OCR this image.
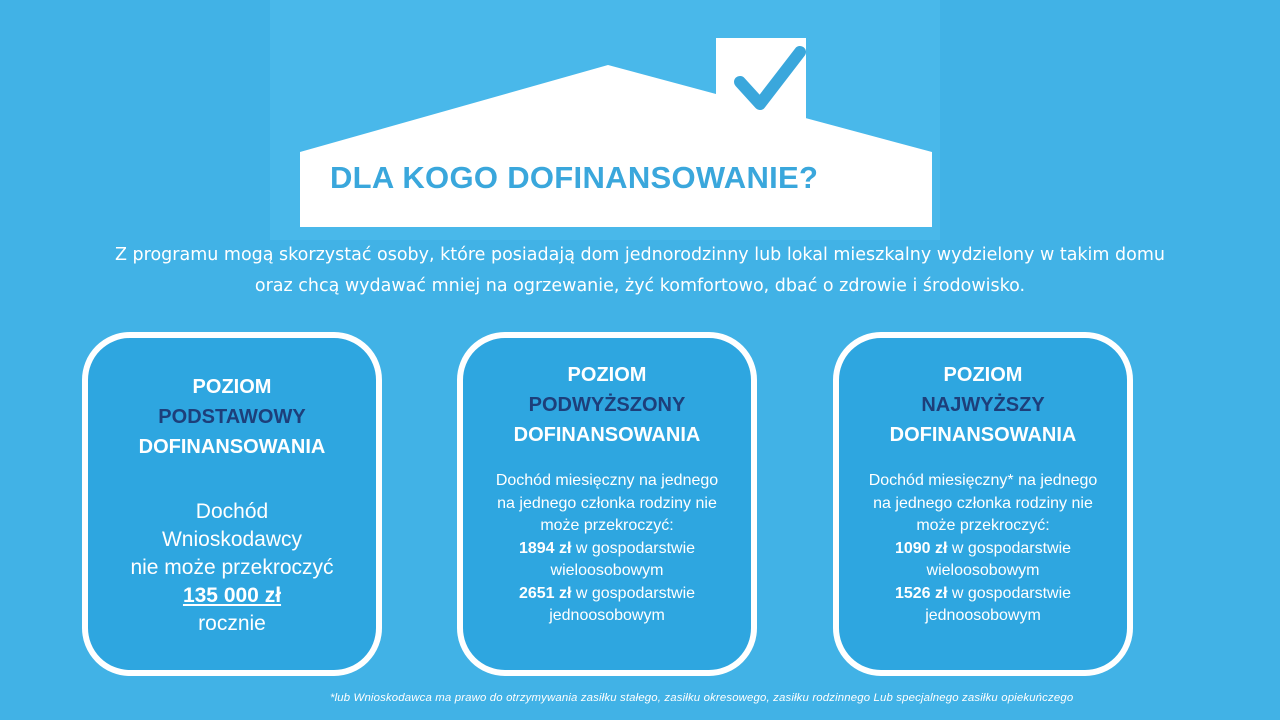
DLA KOGO DOFINANSOWANIE?
Z programu mogą skorzystać osoby, które posiadają dom jednorodzinny lub lokal mieszkalny wydzielony w takim domu
oraz chcą wydawać mniej na ogrzewanie, żyć komfortowo, dbać o zdrowie i środowisko.
POZIOM
PODSTAWOWY
DOFINANSOWANIA
Dochód
Wnioskodawcy
nie może przekroczyć
135 000 zł
rocznie
POZIOM
PODWYŻSZONY
DOFINANSOWANIA
Dochód miesięczny na jednego
na jednego członka rodziny nie
może przekroczyć:
1894 zł w gospodarstwie
wieloosobowym
2651 zł w gospodarstwie
jednoosobowym
POZIOM
NAJWYŻSZY
DOFINANSOWANIA
Dochód miesięczny* na jednego
na jednego członka rodziny nie
może przekroczyć:
1090 zł w gospodarstwie
wieloosobowym
1526 zł w gospodarstwie
jednoosobowym
*lub Wnioskodawca ma prawo do otrzymywania zasiłku stałego, zasiłku okresowego, zasiłku rodzinnego Lub specjalnego zasiłku opiekuńczego
